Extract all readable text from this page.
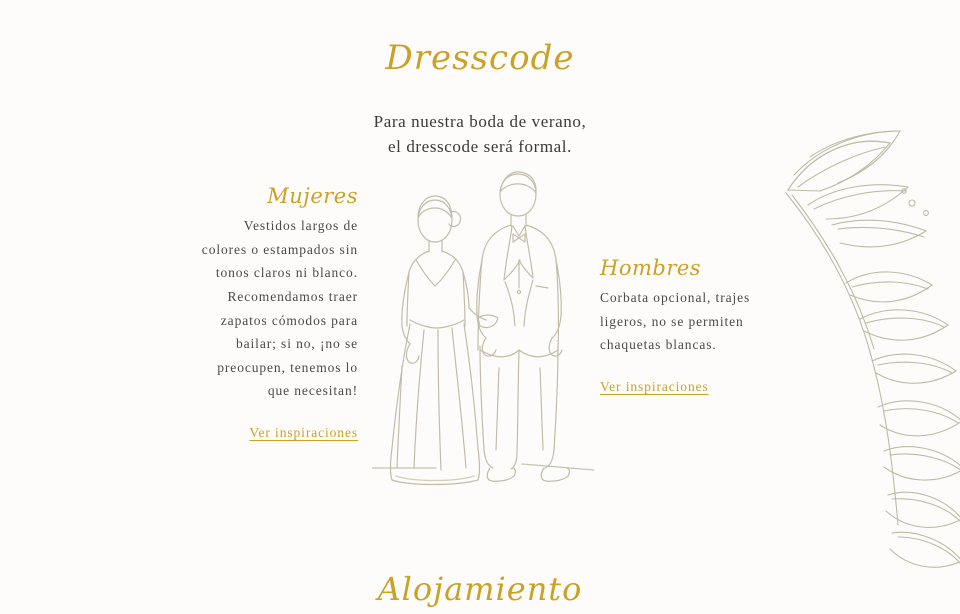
Dresscode
Para nuestra boda de verano,
el dresscode será formal.
Mujeres

Vestidos largos de colores o estampados sin tonos claros ni blanco. Recomendamos traer zapatos cómodos para bailar; si no, ¡no se preocupen, tenemos lo que necesitan!

Ver inspiraciones
Hombres

Corbata opcional, trajes ligeros, no se permiten chaquetas blancas.

Ver inspiraciones
Alojamiento
